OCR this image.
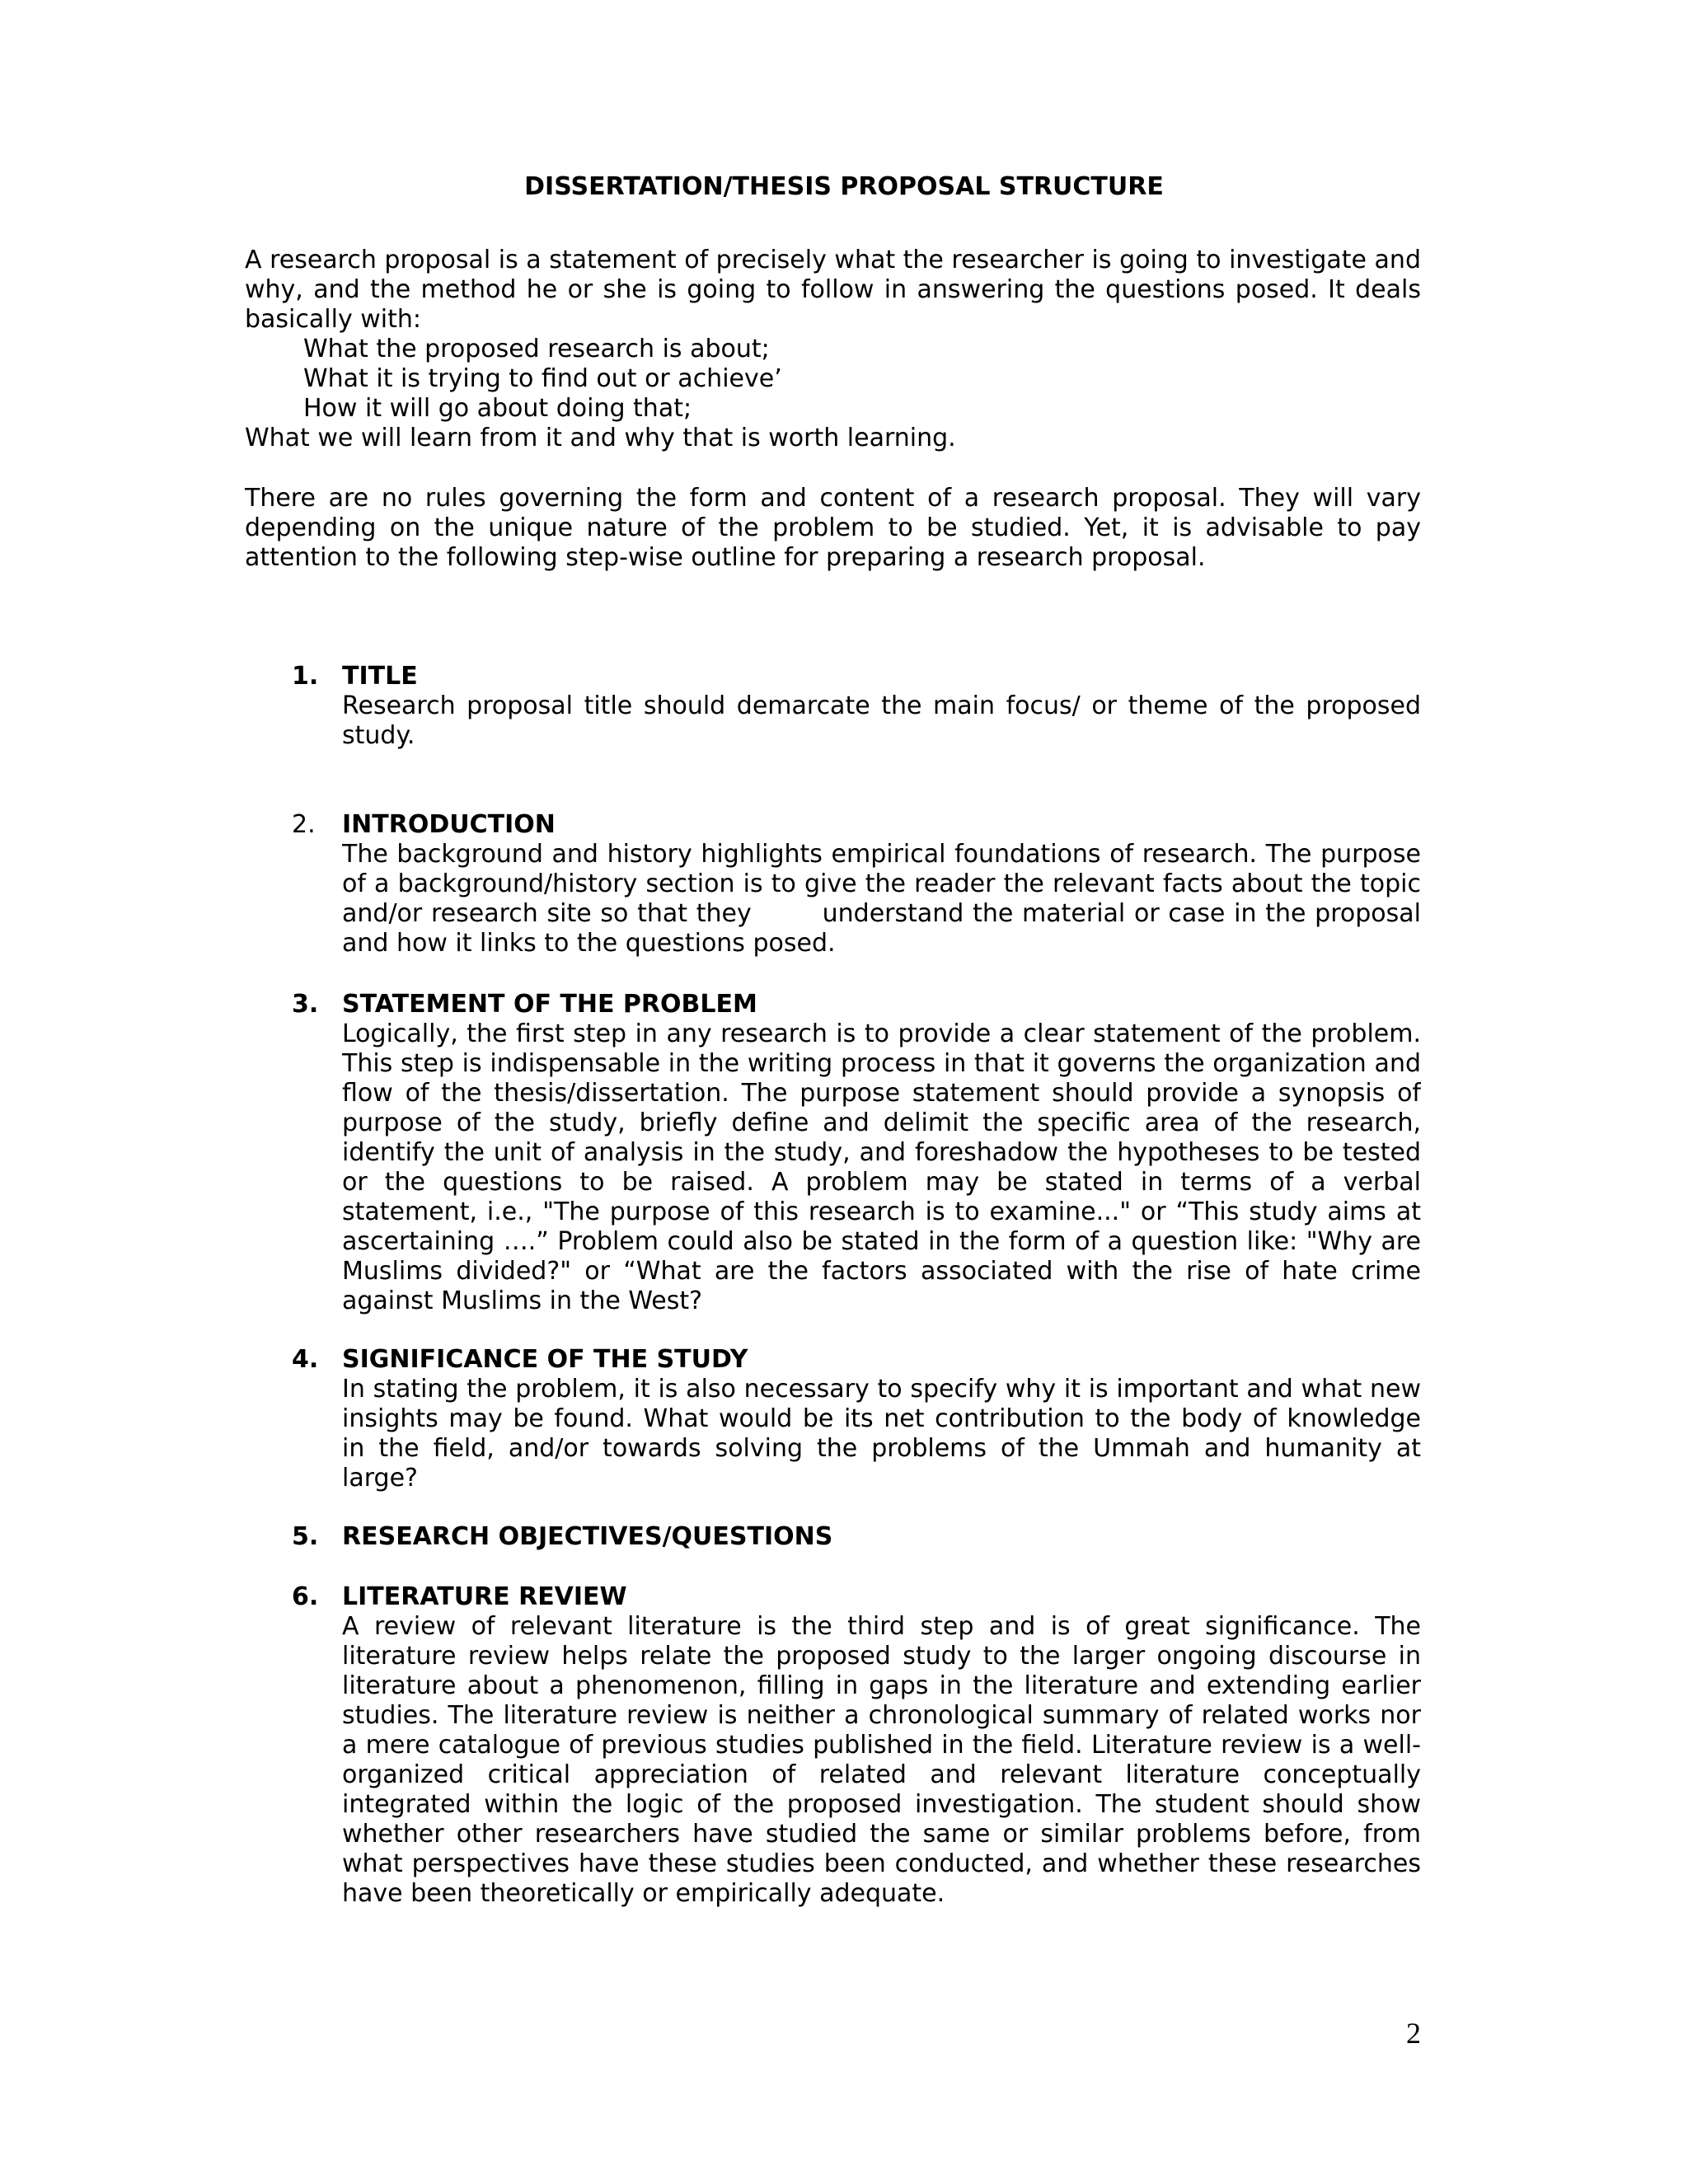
DISSERTATION/THESIS PROPOSAL STRUCTURE
A research proposal is a statement of precisely what the researcher is going to investigate and
why, and the method he or she is going to follow in answering the questions posed. It deals
basically with:
What the proposed research is about;
What it is trying to find out or achieve’
How it will go about doing that;
What we will learn from it and why that is worth learning.
There are no rules governing the form and content of a research proposal. They will vary
depending on the unique nature of the problem to be studied. Yet, it is advisable to pay
attention to the following step-wise outline for preparing a research proposal.
1. TITLE
Research proposal title should demarcate the main focus/ or theme of the proposed
study.
2.	INTRODUCTION
The background and history highlights empirical foundations of research. The purpose
of a background/history section is to give the reader the relevant facts about the topic
and/or research site so that they        understand the material or case in the proposal
and how it links to the questions posed.
3. STATEMENT OF THE PROBLEM
Logically, the first step in any research is to provide a clear statement of the problem.
This step is indispensable in the writing process in that it governs the organization and
flow of the thesis/dissertation. The purpose statement should provide a synopsis of
purpose of the study, briefly define and delimit the specific area of the research,
identify the unit of analysis in the study, and foreshadow the hypotheses to be tested
or the questions to be raised. A problem may be stated in terms of a verbal
statement, i.e., "The purpose of this research is to examine..." or “This study aims at
ascertaining ….” Problem could also be stated in the form of a question like: "Why are
Muslims divided?" or “What are the factors associated with the rise of hate crime
against Muslims in the West?
4. SIGNIFICANCE OF THE STUDY
In stating the problem, it is also necessary to specify why it is important and what new
insights may be found. What would be its net contribution to the body of knowledge
in the field, and/or towards solving the problems of the Ummah and humanity at
large?
5. RESEARCH OBJECTIVES/QUESTIONS
6. LITERATURE REVIEW
A review of relevant literature is the third step and is of great significance. The
literature review helps relate the proposed study to the larger ongoing discourse in
literature about a phenomenon, filling in gaps in the literature and extending earlier
studies. The literature review is neither a chronological summary of related works nor
a mere catalogue of previous studies published in the field. Literature review is a well-
organized critical appreciation of related and relevant literature conceptually
integrated within the logic of the proposed investigation. The student should show
whether other researchers have studied the same or similar problems before, from
what perspectives have these studies been conducted, and whether these researches
have been theoretically or empirically adequate.
2
